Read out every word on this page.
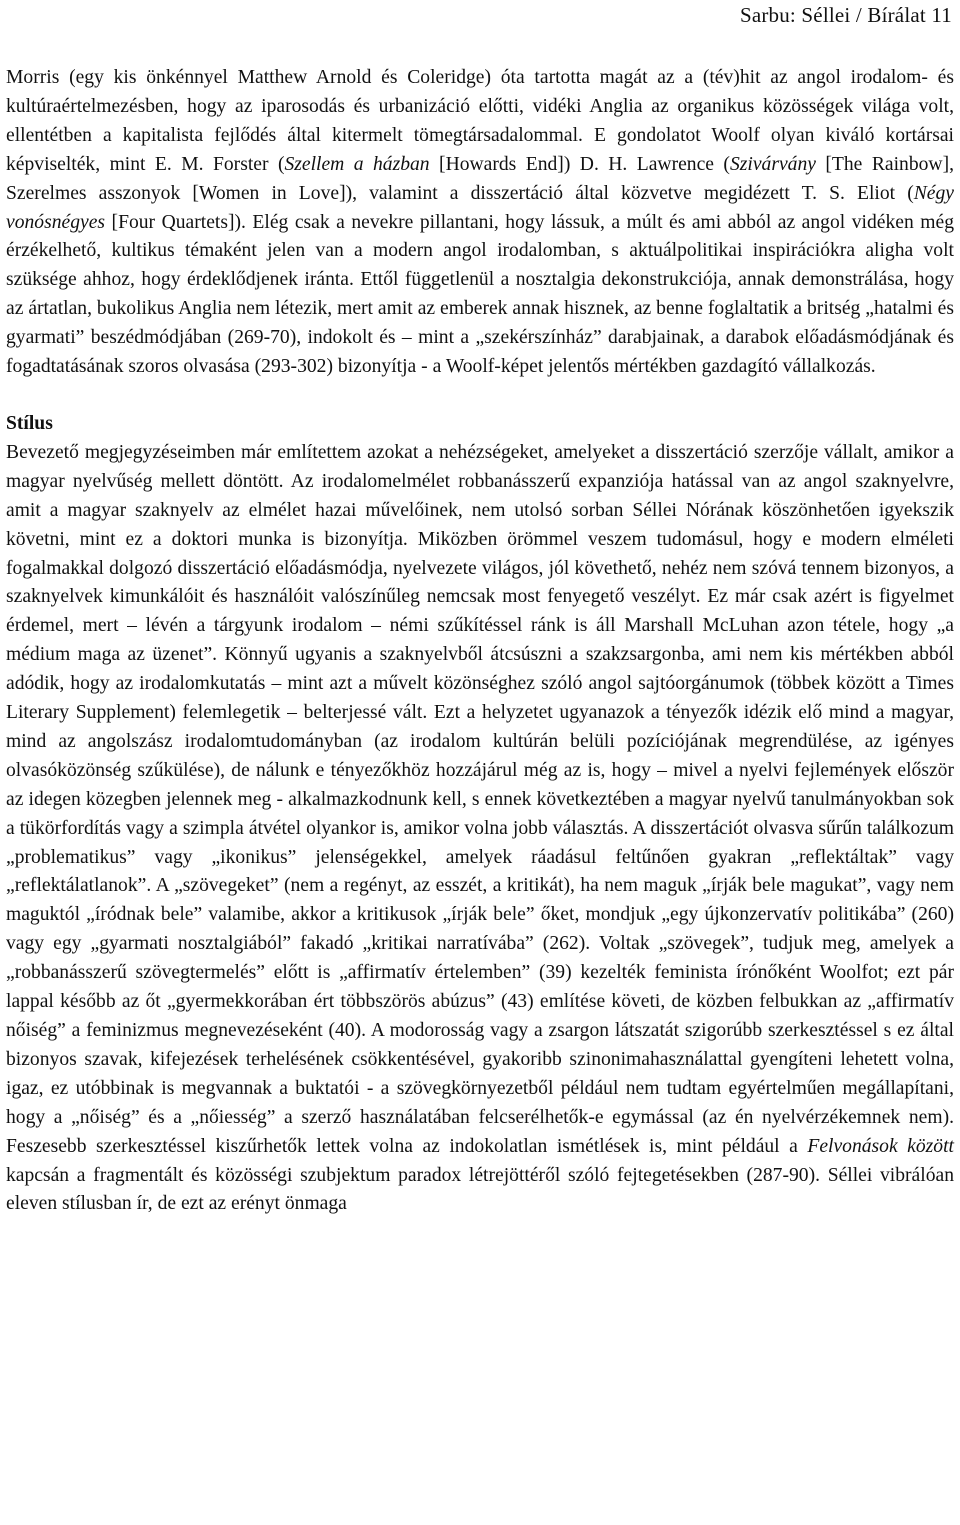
Sarbu: Séllei / Bírálat 11

Morris (egy kis önkénnyel Matthew Arnold és Coleridge) óta tartotta magát az a (tév)hit az angol irodalom- és kultúraértelmezésben, hogy az iparosodás és urbanizáció előtti, vidéki Anglia az organikus közösségek világa volt, ellentétben a kapitalista fejlődés által kitermelt tömegtársadalommal. E gondolatot Woolf olyan kiváló kortársai képviselték, mint E. M. Forster (Szellem a házban [Howards End]) D. H. Lawrence (Szivárvány [The Rainbow], Szerelmes asszonyok [Women in Love]), valamint a disszertáció által közvetve megidézett T. S. Eliot (Négy vonósnégyes [Four Quartets]). Elég csak a nevekre pillantani, hogy lássuk, a múlt és ami abból az angol vidéken még érzékelhető, kultikus témaként jelen van a modern angol irodalomban, s aktuálpolitikai inspirációkra aligha volt szüksége ahhoz, hogy érdeklődjenek iránta. Ettől függetlenül a nosztalgia dekonstrukciója, annak demonstrálása, hogy az ártatlan, bukolikus Anglia nem létezik, mert amit az emberek annak hisznek, az benne foglaltatik a britség „hatalmi és gyarmati” beszédmódjában (269-70), indokolt és – mint a „szekérszínház” darabjainak, a darabok előadásmódjának és fogadtatásának szoros olvasása (293-302) bizonyítja - a Woolf-képet jelentős mértékben gazdagító vállalkozás.

Stílus

Bevezető megjegyzéseimben már említettem azokat a nehézségeket, amelyeket a disszertáció szerzője vállalt, amikor a magyar nyelvűség mellett döntött. Az irodalomelmélet robbanásszerű expanziója hatással van az angol szaknyelvre, amit a magyar szaknyelv az elmélet hazai művelőinek, nem utolsó sorban Séllei Nórának köszönhetően igyekszik követni, mint ez a doktori munka is bizonyítja. Miközben örömmel veszem tudomásul, hogy e modern elméleti fogalmakkal dolgozó disszertáció előadásmódja, nyelvezete világos, jól követhető, nehéz nem szóvá tennem bizonyos, a szaknyelvek kimunkálóit és használóit valószínűleg nemcsak most fenyegető veszélyt. Ez már csak azért is figyelmet érdemel, mert – lévén a tárgyunk irodalom – némi szűkítéssel ránk is áll Marshall McLuhan azon tétele, hogy „a médium maga az üzenet”. Könnyű ugyanis a szaknyelvből átcsúszni a szakzsargonba, ami nem kis mértékben abból adódik, hogy az irodalomkutatás – mint azt a művelt közönséghez szóló angol sajtóorgánumok (többek között a Times Literary Supplement) felemlegetik – belterjessé vált. Ezt a helyzetet ugyanazok a tényezők idézik elő mind a magyar, mind az angolszász irodalomtudományban (az irodalom kultúrán belüli pozíciójának megrendülése, az igényes olvasóközönség szűkülése), de nálunk e tényezőkhöz hozzájárul még az is, hogy – mivel a nyelvi fejlemények először az idegen közegben jelennek meg - alkalmazkodnunk kell, s ennek következtében a magyar nyelvű tanulmányokban sok a tükörfordítás vagy a szimpla átvétel olyankor is, amikor volna jobb választás. A disszertációt olvasva sűrűn találkozum „problematikus” vagy „ikonikus” jelenségekkel, amelyek ráadásul feltűnően gyakran „reflektáltak” vagy „reflektálatlanok”. A „szövegeket” (nem a regényt, az esszét, a kritikát), ha nem maguk „írják bele magukat”, vagy nem maguktól „íródnak bele” valamibe, akkor a kritikusok „írják bele” őket, mondjuk „egy újkonzervatív politikába” (260) vagy egy „gyarmati nosztalgiából” fakadó „kritikai narratívába” (262). Voltak „szövegek”, tudjuk meg, amelyek a „robbanásszerű szövegtermelés” előtt is „affirmatív értelemben” (39) kezelték feminista írónőként Woolfot; ezt pár lappal később az őt „gyermekkorában ért többszörös abúzus” (43) említése követi, de közben felbukkan az „affirmatív nőiség” a feminizmus megnevezéseként (40). A modorosság vagy a zsargon látszatát szigorúbb szerkesztéssel s ez által bizonyos szavak, kifejezések terhelésének csökkentésével, gyakoribb szinonimahasználattal gyengíteni lehetett volna, igaz, ez utóbbinak is megvannak a buktatói - a szövegkörnyezetből például nem tudtam egyértelműen megállapítani, hogy a „nőiség” és a „nőiesség” a szerző használatában felcserélhetők-e egymással (az én nyelvérzékemnek nem). Feszesebb szerkesztéssel kiszűrhetők lettek volna az indokolatlan ismétlések is, mint például a Felvonások között kapcsán a fragmentált és közösségi szubjektum paradox létrejöttéről szóló fejtegetésekben (287-90). Séllei vibrálóan eleven stílusban ír, de ezt az erényt önmaga
